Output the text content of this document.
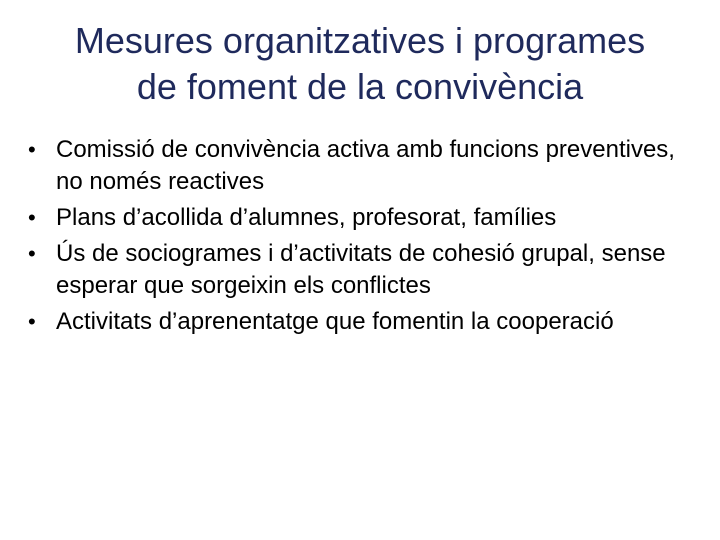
Mesures organitzatives i programes
de foment de la convivència
• Comissió de convivència activa amb funcions preventives, no només reactives
• Plans d’acollida d’alumnes, profesorat, famílies
• Ús de sociogrames i d’activitats de cohesió grupal, sense esperar que sorgeixin els conflictes
• Activitats d’aprenentatge que fomentin la cooperació
